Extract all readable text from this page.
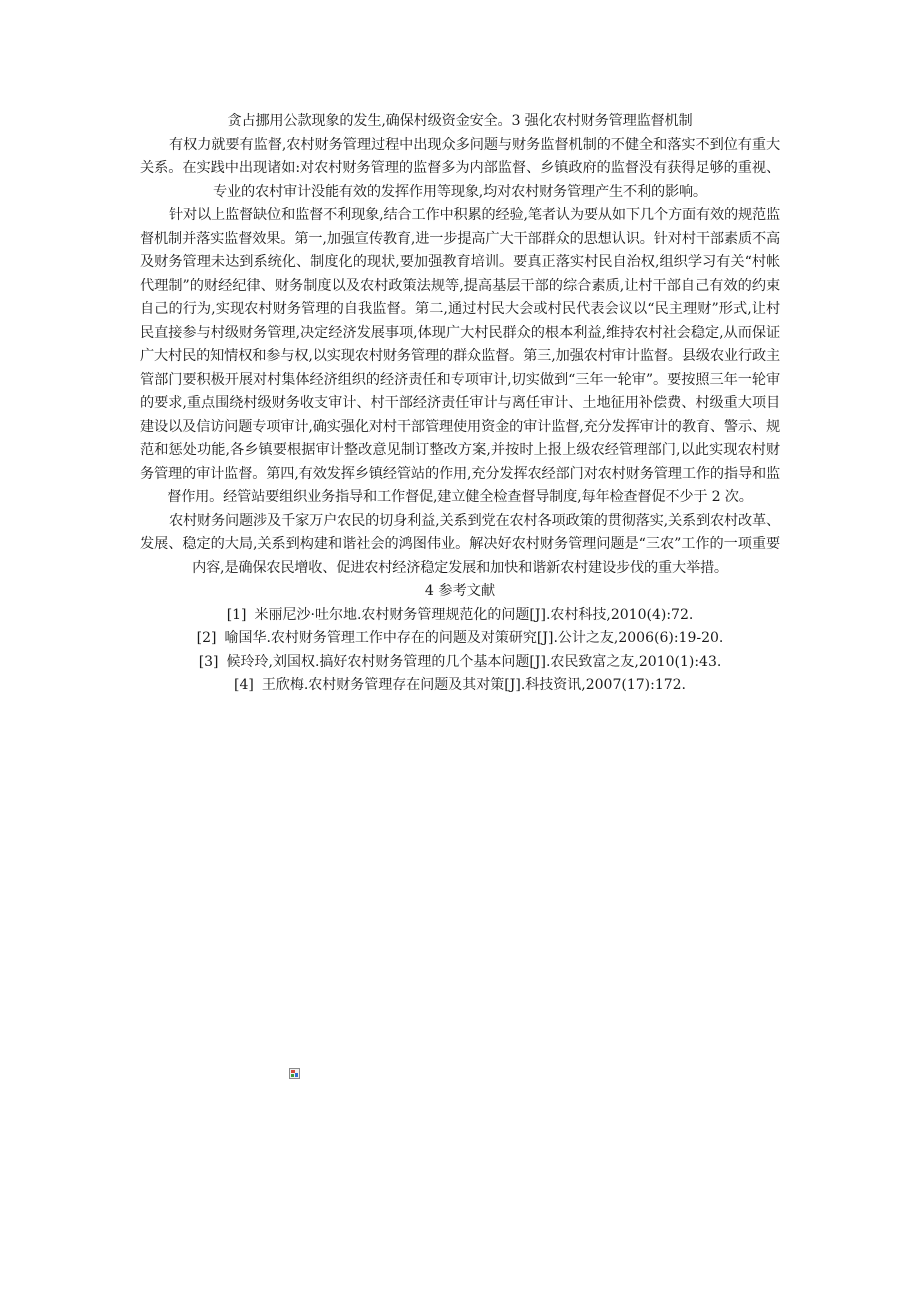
贪占挪用公款现象的发生,确保村级资金安全。3 强化农村财务管理监督机制

有权力就要有监督,农村财务管理过程中出现众多问题与财务监督机制的不健全和落实不到位有重大关系。在实践中出现诸如:对农村财务管理的监督多为内部监督、乡镇政府的监督没有获得足够的重视、专业的农村审计没能有效的发挥作用等现象,均对农村财务管理产生不利的影响。

针对以上监督缺位和监督不利现象,结合工作中积累的经验,笔者认为要从如下几个方面有效的规范监督机制并落实监督效果。第一,加强宣传教育,进一步提高广大干部群众的思想认识。针对村干部素质不高及财务管理未达到系统化、制度化的现状,要加强教育培训。要真正落实村民自治权,组织学习有关“村帐代理制”的财经纪律、财务制度以及农村政策法规等,提高基层干部的综合素质,让村干部自己有效的约束自己的行为,实现农村财务管理的自我监督。第二,通过村民大会或村民代表会议以“民主理财”形式,让村民直接参与村级财务管理,决定经济发展事项,体现广大村民群众的根本利益,维持农村社会稳定,从而保证广大村民的知情权和参与权,以实现农村财务管理的群众监督。第三,加强农村审计监督。县级农业行政主管部门要积极开展对村集体经济组织的经济责任和专项审计,切实做到“三年一轮审”。要按照三年一轮审的要求,重点围绕村级财务收支审计、村干部经济责任审计与离任审计、土地征用补偿费、村级重大项目建设以及信访问题专项审计,确实强化对村干部管理使用资金的审计监督,充分发挥审计的教育、警示、规范和惩处功能,各乡镇要根据审计整改意见制订整改方案,并按时上报上级农经管理部门,以此实现农村财务管理的审计监督。第四,有效发挥乡镇经管站的作用,充分发挥农经部门对农村财务管理工作的指导和监督作用。经管站要组织业务指导和工作督促,建立健全检查督导制度,每年检查督促不少于 2 次。

农村财务问题涉及千家万户农民的切身利益,关系到党在农村各项政策的贯彻落实,关系到农村改革、发展、稳定的大局,关系到构建和谐社会的鸿图伟业。解决好农村财务管理问题是“三农”工作的一项重要内容,是确保农民增收、促进农村经济稳定发展和加快和谐新农村建设步伐的重大举措。

4 参考文献

[1] 米丽尼沙·吐尔地.农村财务管理规范化的问题[J].农村科技,2010(4):72.
[2] 喻国华.农村财务管理工作中存在的问题及对策研究[J].公计之友,2006(6):19-20.
[3] 候玲玲,刘国权.搞好农村财务管理的几个基本问题[J].农民致富之友,2010(1):43.
[4] 王欣梅.农村财务管理存在问题及其对策[J].科技资讯,2007(17):172.
